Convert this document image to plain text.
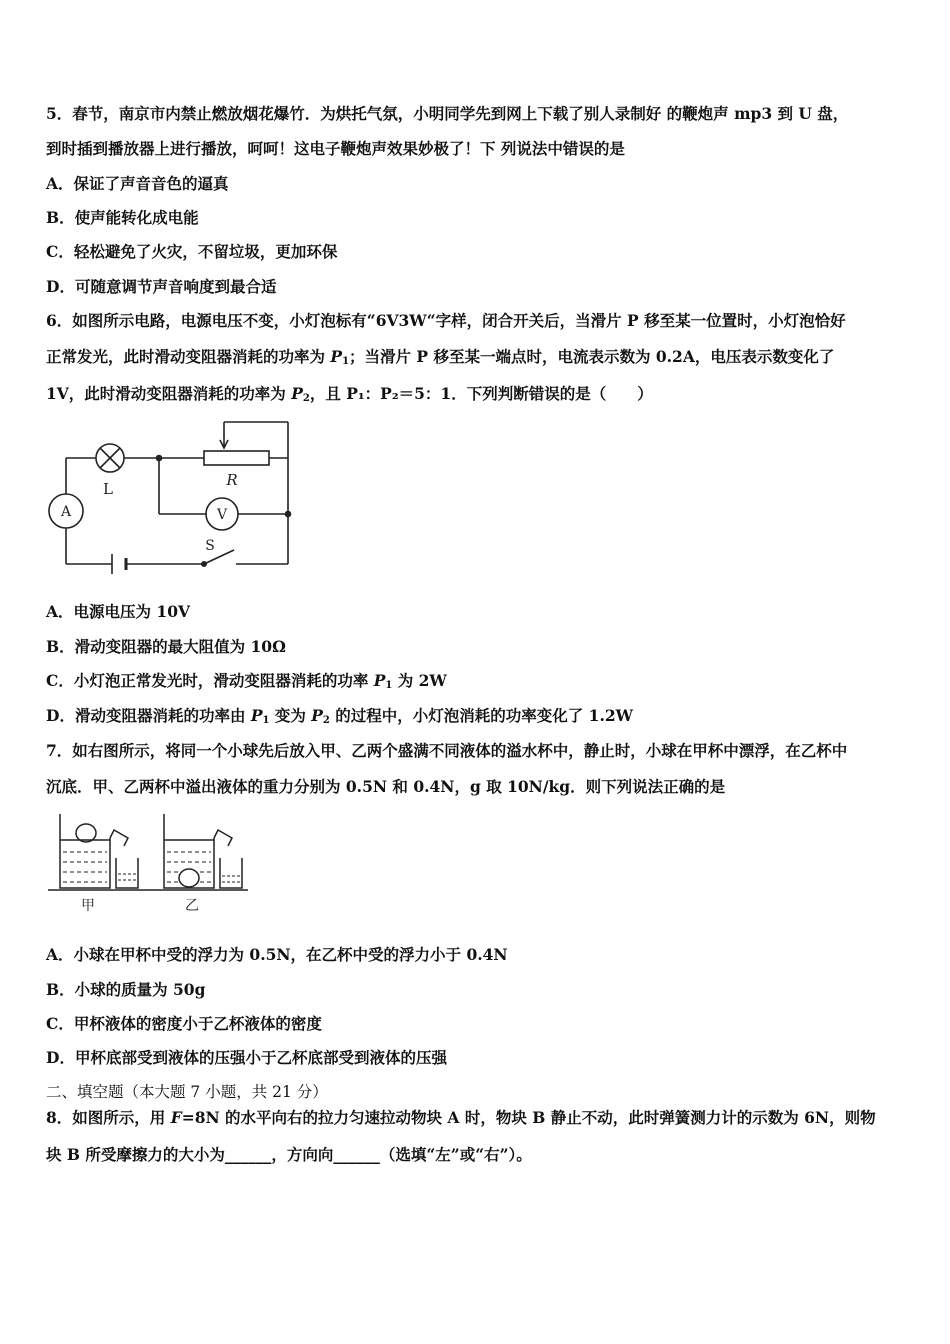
5．春节，南京市内禁止燃放烟花爆竹．为烘托气氛，小明同学先到网上下载了别人录制好 的鞭炮声 mp3 到 U 盘，
到时插到播放器上进行播放，呵呵！这电子鞭炮声效果妙极了！下 列说法中错误的是
A．保证了声音音色的逼真
B．使声能转化成电能
C．轻松避免了火灾，不留垃圾，更加环保
D．可随意调节声音响度到最合适
6．如图所示电路，电源电压不变，小灯泡标有“6V3W“字样，闭合开关后，当滑片 P 移至某一位置时，小灯泡恰好
正常发光，此时滑动变阻器消耗的功率为 $P_1$；当滑片 P 移至某一端点时，电流表示数为 0.2A，电压表示数变化了
1V，此时滑动变阻器消耗的功率为 $P_2$，且 P₁：P₂＝5：1．下列判断错误的是（　　）
L	R
A	V
S
A．电源电压为 10V
B．滑动变阻器的最大阻值为 10Ω
C．小灯泡正常发光时，滑动变阻器消耗的功率 $P_1$ 为 2W
D．滑动变阻器消耗的功率由 $P_1$ 变为 $P_2$ 的过程中，小灯泡消耗的功率变化了 1.2W
7．如右图所示，将同一个小球先后放入甲、乙两个盛满不同液体的溢水杯中，静止时，小球在甲杯中漂浮，在乙杯中
沉底．甲、乙两杯中溢出液体的重力分别为 0.5N 和 0.4N，g 取 10N/kg．则下列说法正确的是
甲	乙
A．小球在甲杯中受的浮力为 0.5N，在乙杯中受的浮力小于 0.4N
B．小球的质量为 50g
C．甲杯液体的密度小于乙杯液体的密度
D．甲杯底部受到液体的压强小于乙杯底部受到液体的压强
二、填空题（本大题 7 小题，共 21 分）
8．如图所示，用 F=8N 的水平向右的拉力匀速拉动物块 A 时，物块 B 静止不动，此时弹簧测力计的示数为 6N，则物
块 B 所受摩擦力的大小为______，方向向______（选填“左”或“右”）。
